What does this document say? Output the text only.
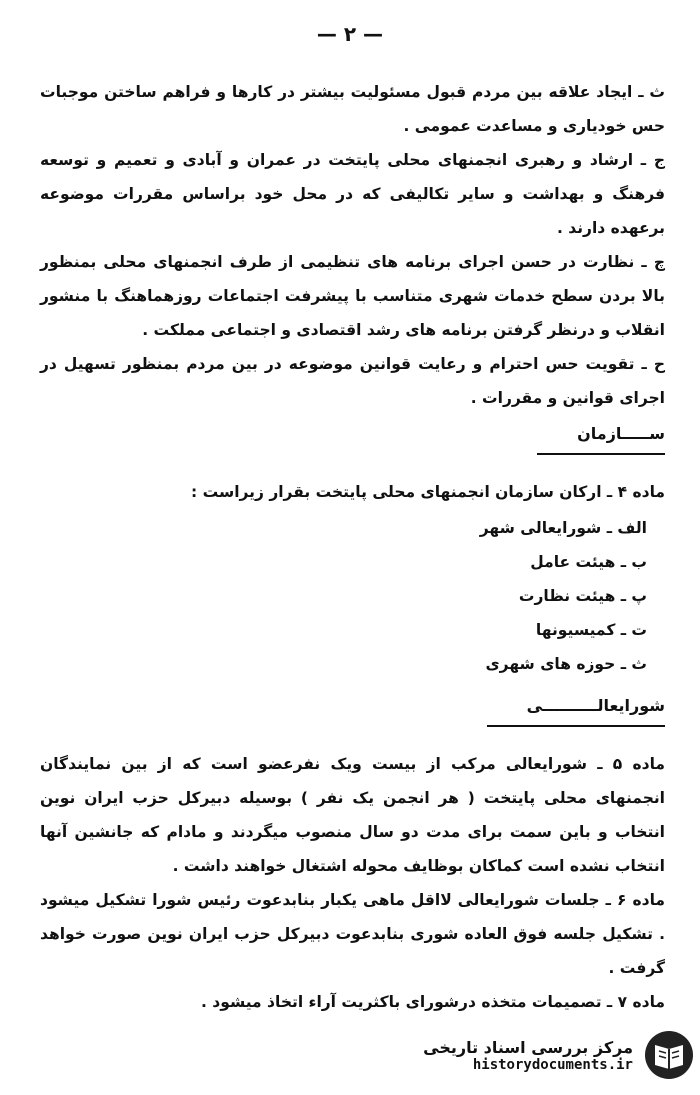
— ۲ —

ث ـ ایجاد علاقه بین مردم قبول مسئولیت بیشتر در کارها و فراهم ساختن موجبات حس خودیاری و مساعدت عمومی .

ج ـ ارشاد و رهبری انجمنهای محلی پایتخت در عمران و آبادی و تعمیم و توسعه فرهنگ و بهداشت و سایر تکالیفی که در محل خود براساس مقررات موضوعه برعهده دارند .

چ ـ نظارت در حسن اجرای برنامه های تنظیمی از طرف انجمنهای محلی بمنظور بالا بردن سطح خدمات شهری متناسب با پیشرفت اجتماعات روزهماهنگ با منشور انقلاب و درنظر گرفتن برنامه های رشد اقتصادی و اجتماعی مملکت .

ح ـ تقویت حس احترام و رعایت قوانین موضوعه در بین مردم بمنظور تسهیل در اجرای قوانین و مقررات .

ســـــازمان

ماده ۴ ـ ارکان سازمان انجمنهای محلی پایتخت بقرار زیراست :

الف ـ شورایعالی شهر
ب ـ هیئت عامل
پ ـ هیئت نظارت
ت ـ کمیسیونها
ث ـ حوزه های شهری
شورایعالــــــــــی

ماده ۵ ـ شورایعالی مرکب از بیست ویک نفرعضو است که از بین نمایندگان انجمنهای محلی پایتخت ( هر انجمن یک نفر ) بوسیله دبیرکل حزب ایران نوین انتخاب و باین سمت برای مدت دو سال منصوب میگردند و مادام که جانشین آنها انتخاب نشده است کماکان بوظایف محوله اشتغال خواهند داشت .

ماده ۶ ـ جلسات شورایعالی لااقل ماهی یکبار بنابدعوت رئیس شورا تشکیل میشود . تشکیل جلسه فوق العاده شوری بنابدعوت دبیرکل حزب ایران نوین صورت خواهد گرفت .

ماده ۷ ـ تصمیمات متخذه درشورای باکثریت آراء اتخاذ میشود .

مرکز بررسی اسناد تاریخی
historydocuments.ir
